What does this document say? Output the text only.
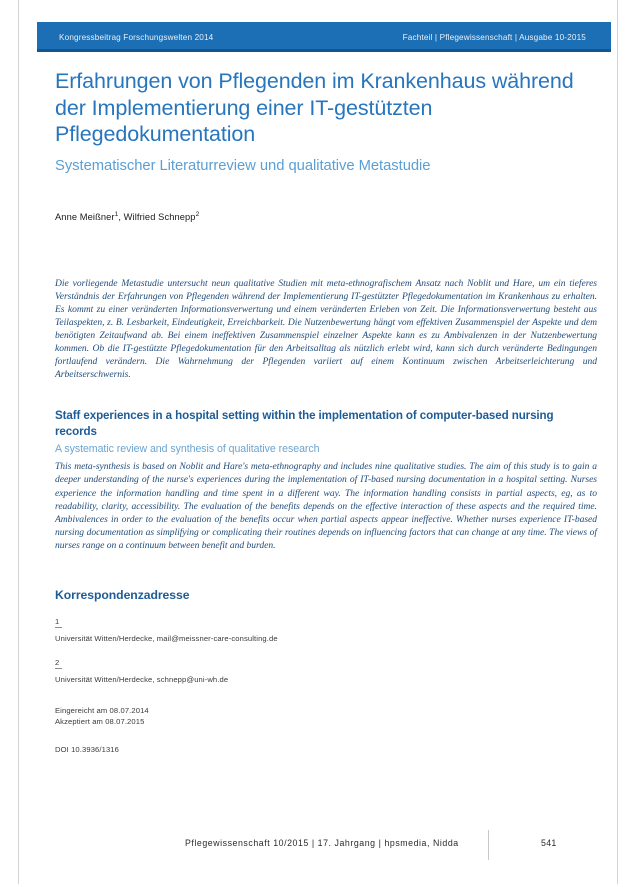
Kongressbeitrag Forschungswelten 2014	Fachteil | Pflegewissenschaft | Ausgabe 10-2015
Erfahrungen von Pflegenden im Krankenhaus während der Implementierung einer IT-gestützten Pflegedokumentation
Systematischer Literaturreview und qualitative Metastudie
Anne Meißner$^1$, Wilfried Schnepp$^2$

Die vorliegende Metastudie untersucht neun qualitative Studien mit meta-ethnografischem Ansatz nach Noblit und Hare, um ein tieferes Verständnis der Erfahrungen von Pflegenden während der Implementierung IT-gestützter Pflegedokumentation im Krankenhaus zu erhalten. Es kommt zu einer veränderten Informationsverwertung und einem veränderten Erleben von Zeit. Die Informationsverwertung besteht aus Teilaspekten, z. B. Lesbarkeit, Eindeutigkeit, Erreichbarkeit. Die Nutzenbewertung hängt vom effektiven Zusammenspiel der Aspekte und dem benötigten Zeitaufwand ab. Bei einem ineffektiven Zusammenspiel einzelner Aspekte kann es zu Ambivalenzen in der Nutzenbewertung kommen. Ob die IT-gestützte Pflegedokumentation für den Arbeitsalltag als nützlich erlebt wird, kann sich durch veränderte Bedingungen fortlaufend verändern. Die Wahrnehmung der Pflegenden variiert auf einem Kontinuum zwischen Arbeitserleichterung und Arbeitserschwernis.

Staff experiences in a hospital setting within the implementation of computer-based nursing records
A systematic review and synthesis of qualitative research

This meta-synthesis is based on Noblit and Hare's meta-ethnography and includes nine qualitative studies. The aim of this study is to gain a deeper understanding of the nurse's experiences during the implementation of IT-based nursing documentation in a hospital setting. Nurses experience the information handling and time spent in a different way. The information handling consists in partial aspects, eg, as to readability, clarity, accessibility. The evaluation of the benefits depends on the effective interaction of these aspects and the required time. Ambivalences in order to the evaluation of the benefits occur when partial aspects appear ineffective. Whether nurses experience IT-based nursing documentation as simplifying or complicating their routines depends on influencing factors that can change at any time. The views of nurses range on a continuum between benefit and burden.

Korrespondenzadresse
1
Universität Witten/Herdecke, mail@meissner-care-consulting.de
2
Universität Witten/Herdecke, schnepp@uni-wh.de
Eingereicht am 08.07.2014
Akzeptiert am 08.07.2015
DOI 10.3936/1316
Pflegewissenschaft 10/2015 | 17. Jahrgang | hpsmedia, Nidda	541
